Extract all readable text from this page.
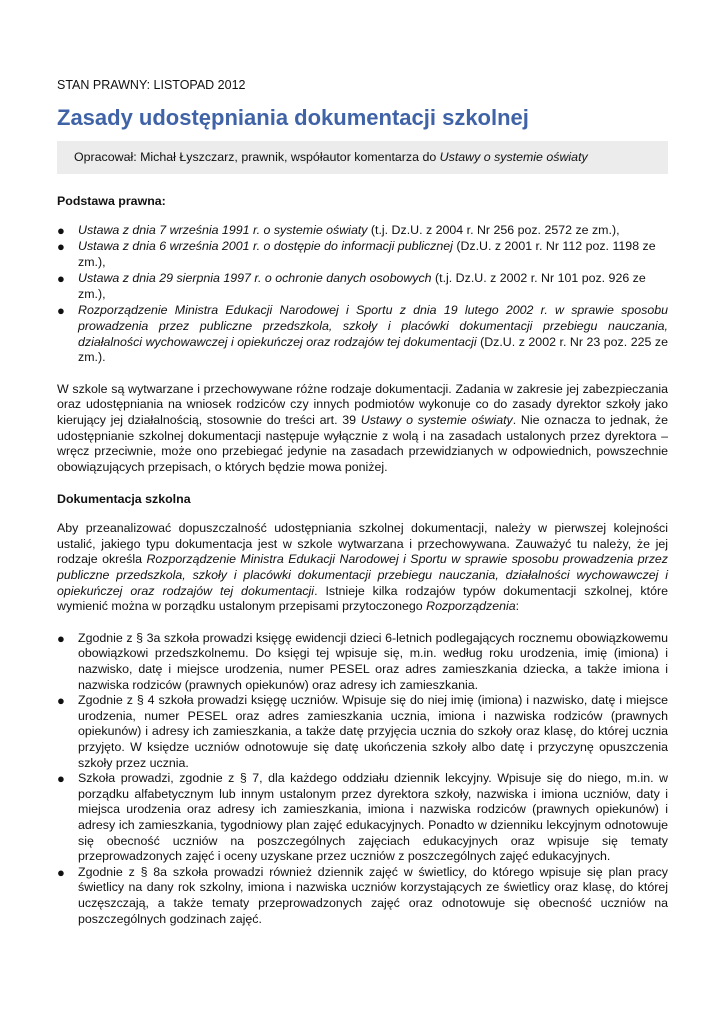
STAN PRAWNY: LISTOPAD 2012
Zasady udostępniania dokumentacji szkolnej
Opracował: Michał Łyszczarz, prawnik, współautor komentarza do Ustawy o systemie oświaty
Podstawa prawna:
● Ustawa z dnia 7 września 1991 r. o systemie oświaty (t.j. Dz.U. z 2004 r. Nr 256 poz. 2572 ze zm.),
● Ustawa z dnia 6 września 2001 r. o dostępie do informacji publicznej (Dz.U. z 2001 r. Nr 112 poz. 1198 ze zm.),
● Ustawa z dnia 29 sierpnia 1997 r. o ochronie danych osobowych (t.j. Dz.U. z 2002 r. Nr 101 poz. 926 ze zm.),
● Rozporządzenie Ministra Edukacji Narodowej i Sportu z dnia 19 lutego 2002 r. w sprawie sposobu prowadzenia przez publiczne przedszkola, szkoły i placówki dokumentacji przebiegu nauczania, działalności wychowawczej i opiekuńczej oraz rodzajów tej dokumentacji (Dz.U. z 2002 r. Nr 23 poz. 225 ze zm.).

W szkole są wytwarzane i przechowywane różne rodzaje dokumentacji. Zadania w zakresie jej zabezpieczania oraz udostępniania na wniosek rodziców czy innych podmiotów wykonuje co do zasady dyrektor szkoły jako kierujący jej działalnością, stosownie do treści art. 39 Ustawy o systemie oświaty. Nie oznacza to jednak, że udostępnianie szkolnej dokumentacji następuje wyłącznie z wolą i na zasadach ustalonych przez dyrektora – wręcz przeciwnie, może ono przebiegać jedynie na zasadach przewidzianych w odpowiednich, powszechnie obowiązujących przepisach, o których będzie mowa poniżej.

Dokumentacja szkolna

Aby przeanalizować dopuszczalność udostępniania szkolnej dokumentacji, należy w pierwszej kolejności ustalić, jakiego typu dokumentacja jest w szkole wytwarzana i przechowywana. Zauważyć tu należy, że jej rodzaje określa Rozporządzenie Ministra Edukacji Narodowej i Sportu w sprawie sposobu prowadzenia przez publiczne przedszkola, szkoły i placówki dokumentacji przebiegu nauczania, działalności wychowawczej i opiekuńczej oraz rodzajów tej dokumentacji. Istnieje kilka rodzajów typów dokumentacji szkolnej, które wymienić można w porządku ustalonym przepisami przytoczonego Rozporządzenia:

● Zgodnie z § 3a szkoła prowadzi księgę ewidencji dzieci 6-letnich podlegających rocznemu obowiązkowemu obowiązkowi przedszkolnemu. Do księgi tej wpisuje się, m.in. według roku urodzenia, imię (imiona) i nazwisko, datę i miejsce urodzenia, numer PESEL oraz adres zamieszkania dziecka, a także imiona i nazwiska rodziców (prawnych opiekunów) oraz adresy ich zamieszkania.
● Zgodnie z § 4 szkoła prowadzi księgę uczniów. Wpisuje się do niej imię (imiona) i nazwisko, datę i miejsce urodzenia, numer PESEL oraz adres zamieszkania ucznia, imiona i nazwiska rodziców (prawnych opiekunów) i adresy ich zamieszkania, a także datę przyjęcia ucznia do szkoły oraz klasę, do której ucznia przyjęto. W księdze uczniów odnotowuje się datę ukończenia szkoły albo datę i przyczynę opuszczenia szkoły przez ucznia.
● Szkoła prowadzi, zgodnie z § 7, dla każdego oddziału dziennik lekcyjny. Wpisuje się do niego, m.in. w porządku alfabetycznym lub innym ustalonym przez dyrektora szkoły, nazwiska i imiona uczniów, daty i miejsca urodzenia oraz adresy ich zamieszkania, imiona i nazwiska rodziców (prawnych opiekunów) i adresy ich zamieszkania, tygodniowy plan zajęć edukacyjnych. Ponadto w dzienniku lekcyjnym odnotowuje się obecność uczniów na poszczególnych zajęciach edukacyjnych oraz wpisuje się tematy przeprowadzonych zajęć i oceny uzyskane przez uczniów z poszczególnych zajęć edukacyjnych.
● Zgodnie z § 8a szkoła prowadzi również dziennik zajęć w świetlicy, do którego wpisuje się plan pracy świetlicy na dany rok szkolny, imiona i nazwiska uczniów korzystających ze świetlicy oraz klasę, do której uczęszczają, a także tematy przeprowadzonych zajęć oraz odnotowuje się obecność uczniów na poszczególnych godzinach zajęć.
